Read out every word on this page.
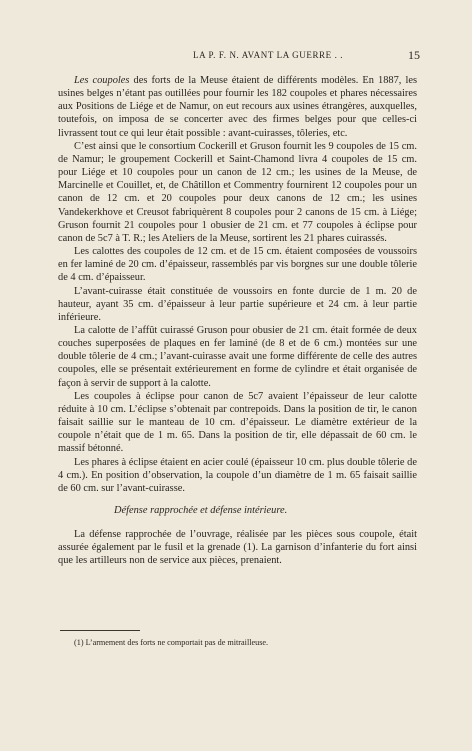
LA P. F. N. AVANT LA GUERRE . .	15

Les coupoles des forts de la Meuse étaient de différents modèles. En 1887, les usines belges n’étant pas outillées pour fournir les 182 coupoles et phares nécessaires aux Positions de Liége et de Namur, on eut recours aux usines étrangères, auxquelles, toutefois, on imposa de se concerter avec des firmes belges pour que celles-ci livrassent tout ce qui leur était possible : avant-cuirasses, tôleries, etc.

C’est ainsi que le consortium Cockerill et Gruson fournit les 9 coupoles de 15 cm. de Namur; le groupement Cockerill et Saint-Chamond livra 4 coupoles de 15 cm. pour Liége et 10 coupoles pour un canon de 12 cm.; les usines de la Meuse, de Marcinelle et Couillet, et, de Châtillon et Commentry fournirent 12 coupoles pour un canon de 12 cm. et 20 coupoles pour deux canons de 12 cm.; les usines Vandekerkhove et Creusot fabriquèrent 8 coupoles pour 2 canons de 15 cm. à Liége; Gruson fournit 21 coupoles pour 1 obusier de 21 cm. et 77 coupoles à éclipse pour canon de 5c7 à T. R.; les Ateliers de la Meuse, sortirent les 21 phares cuirassés.

Les calottes des coupoles de 12 cm. et de 15 cm. étaient composées de voussoirs en fer laminé de 20 cm. d’épaisseur, rassemblés par vis borgnes sur une double tôlerie de 4 cm. d’épaisseur.

L’avant-cuirasse était constituée de voussoirs en fonte durcie de 1 m. 20 de hauteur, ayant 35 cm. d’épaisseur à leur partie supérieure et 24 cm. à leur partie inférieure.

La calotte de l’affût cuirassé Gruson pour obusier de 21 cm. était formée de deux couches superposées de plaques en fer laminé (de 8 et de 6 cm.) montées sur une double tôlerie de 4 cm.; l’avant-cuirasse avait une forme différente de celle des autres coupoles, elle se présentait extérieurement en forme de cylindre et était organisée de façon à servir de support à la calotte.

Les coupoles à éclipse pour canon de 5c7 avaient l’épaisseur de leur calotte réduite à 10 cm. L’éclipse s’obtenait par contrepoids. Dans la position de tir, le canon faisait saillie sur le manteau de 10 cm. d’épaisseur. Le diamètre extérieur de la coupole n’était que de 1 m. 65. Dans la position de tir, elle dépassait de 60 cm. le massif bétonné.

Les phares à éclipse étaient en acier coulé (épaisseur 10 cm. plus double tôlerie de 4 cm.). En position d’observation, la coupole d’un diamètre de 1 m. 65 faisait saillie de 60 cm. sur l’avant-cuirasse.

Défense rapprochée et défense intérieure.

La défense rapprochée de l’ouvrage, réalisée par les pièces sous coupole, était assurée également par le fusil et la grenade (1). La garnison d’infanterie du fort ainsi que les artilleurs non de service aux pièces, prenaient.

(1) L’armement des forts ne comportait pas de mitrailleuse.
